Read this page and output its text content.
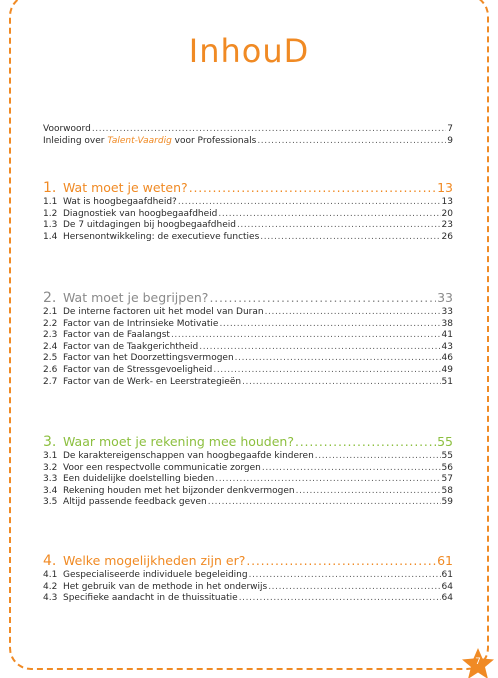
InhouD
Voorwoord .....	7
Inleiding over Talent-Vaardig voor Professionals .....	9
1. Wat moet je weten? .....	13
1.1 Wat is hoogbegaafdheid? .....	13
1.2 Diagnostiek van hoogbegaafdheid .....	20
1.3 De 7 uitdagingen bij hoogbegaafdheid .....	23
1.4 Hersenontwikkeling: de executieve functies .....	26
2. Wat moet je begrijpen? .....	33
2.1 De interne factoren uit het model van Duran .....	33
2.2 Factor van de Intrinsieke Motivatie .....	38
2.3 Factor van de Faalangst .....	41
2.4 Factor van de Taakgerichtheid .....	43
2.5 Factor van het Doorzettingsvermogen .....	46
2.6 Factor van de Stressgevoeligheid .....	49
2.7 Factor van de Werk- en Leerstrategieën .....	51
3. Waar moet je rekening mee houden? .....	55
3.1 De karaktereigenschappen van hoogbegaafde kinderen .....	55
3.2 Voor een respectvolle communicatie zorgen .....	56
3.3 Een duidelijke doelstelling bieden .....	57
3.4 Rekening houden met het bijzonder denkvermogen .....	58
3.5 Altijd passende feedback geven .....	59
4. Welke mogelijkheden zijn er? .....	61
4.1 Gespecialiseerde individuele begeleiding .....	61
4.2 Het gebruik van de methode in het onderwijs .....	64
4.3 Specifieke aandacht in de thuissituatie .....	64
7
